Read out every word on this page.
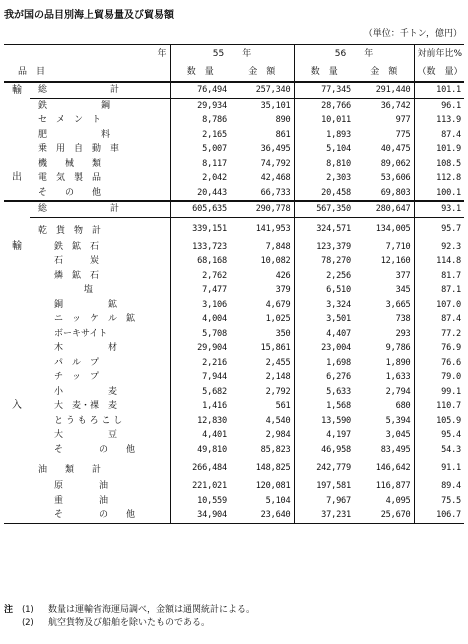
我が国の品目別海上貿易量及び貿易額
（単位：千トン，億円）
	年	55　　 年		56　　 年		対前年比%
品　目		数　量	金　額	数　量	金　額	（数　量）
輸	総　　　　　　　計	76,494	257,340	77,345	291,440	101.1
	鉄　　　　　　鋼	29,934	35,101	28,766	36,742	96.1
	セ　メ　ン　ト	8,786	890	10,011	977	113.9
	肥　　　　　　料	2,165	861	1,893	775	87.4
	乗　用　自　動　車	5,007	36,495	5,104	40,475	101.9
	機　　械　　類	8,117	74,792	8,810	89,062	108.5
出	電　気　製　品	2,042	42,468	2,303	53,606	112.8
	そ　　の　　他	20,443	66,733	20,458	69,803	100.1
	総　　　　　　　計	605,635	290,778	567,350	280,647	93.1
	乾　貨　物　計	339,151	141,953	324,571	134,005	95.7
輸	鉄　鉱　石	133,723	7,848	123,379	7,710	92.3
	石　　　炭	68,168	10,082	78,270	12,160	114.8
	燐　鉱　石	2,762	426	2,256	377	81.7
	塩	7,477	379	6,510	345	87.1
	銅　　　　　鉱	3,106	4,679	3,324	3,665	107.0
	ニ　ッ　ケ　ル　鉱	4,004	1,025	3,501	738	87.4
	ボーキサイト	5,708	350	4,407	293	77.2
	木　　　　　材	29,904	15,861	23,004	9,786	76.9
	パ　ル　プ	2,216	2,455	1,698	1,890	76.6
	チ　ッ　プ	7,944	2,148	6,276	1,633	79.0
	小　　　　　麦	5,682	2,792	5,633	2,794	99.1
入	大　麦・裸　麦	1,416	561	1,568	680	110.7
	と う も ろ こ し	12,830	4,540	13,590	5,394	105.9
	大　　　　　豆	4,401	2,984	4,197	3,045	95.4
	そ　　　　の　　他	49,810	85,823	46,958	83,495	54.3
	油　　類　　計	266,484	148,825	242,779	146,642	91.1
	原　　　　油	221,021	120,081	197,581	116,877	89.4
	重　　　　油	10,559	5,104	7,967	4,095	75.5
	そ　　　　の　　他	34,904	23,640	37,231	25,670	106.7
注	(1)	数量は運輸省海運局調べ，金額は通関統計による。
(2)	航空貨物及び船舶を除いたものである。
